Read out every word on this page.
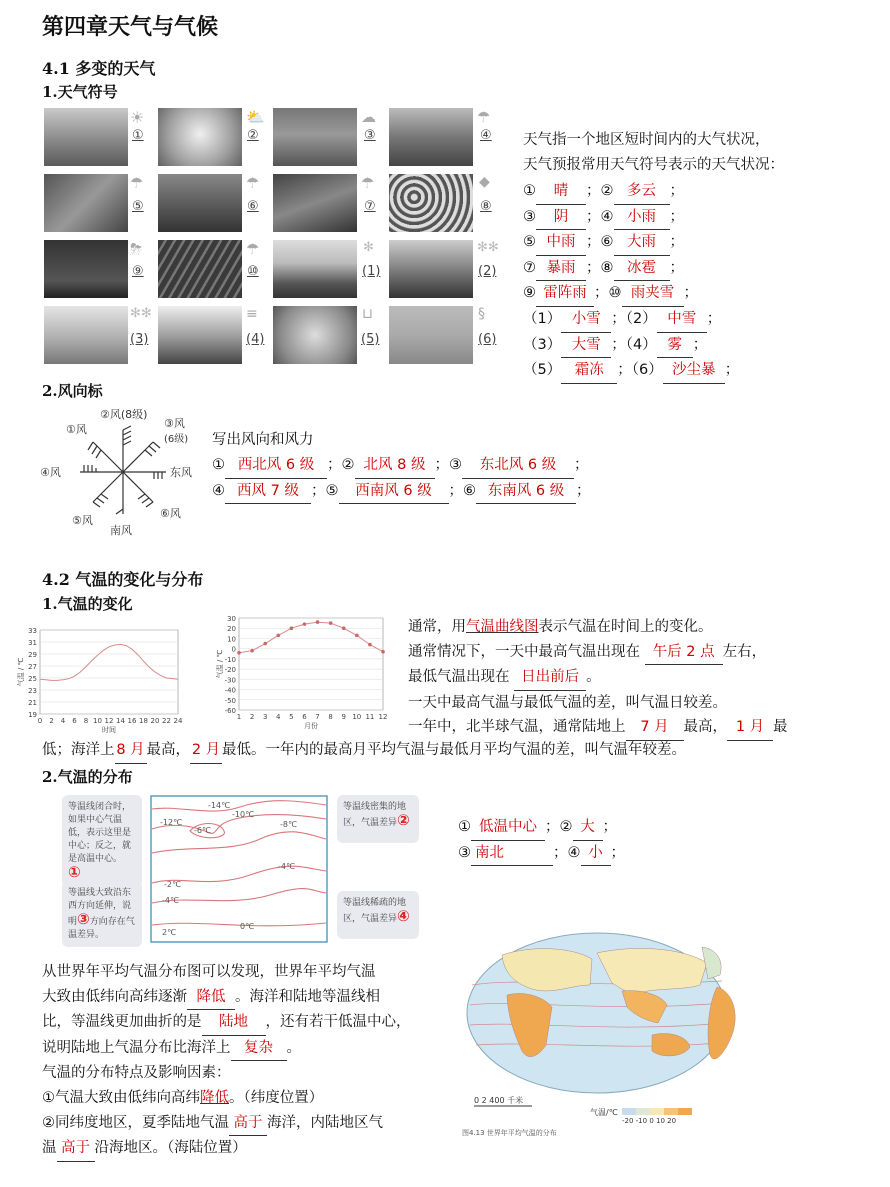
第四章天气与气候
4.1 多变的天气
1.天气符号
☀
①
⛅
②
☁
③
☂
④
☂
⑤
☂
⑥
☂
⑦
◆
⑧
⛈
⑨
☂
⑩
✻
(1)
✻✻
(2)
✻✻
(3)
≡
(4)
⊔
(5)
§
(6)
天气指一个地区短时间内的大气状况，
天气预报常用天气符号表示的天气状况：
① 晴 ；② 多云 ；
③ 阴 ；④ 小雨 ；
⑤ 中雨 ；⑥ 大雨 ；
⑦ 暴雨 ；⑧ 冰雹 ；
⑨ 雷阵雨 ；⑩ 雨夹雪 ；
（1） 小雪 ；（2） 中雪 ；
（3） 大雪 ；（4） 雾 ；
（5） 霜冻 ；（6） 沙尘暴 ；
2.风向标
①风
②风(8级)
③风
(6级)
④风	东风
⑤风
南风
⑥风
写出风向和风力
① 西北风 6 级 ；② 北风 8 级 ；③ 东北风 6 级 ；
④ 西风 7 级 ；⑤ 西南风 6 级 ；⑥ 东南风 6 级 ；
4.2 气温的变化与分布
1.气温的变化
19
21
23
25
27
29
31
33
0 2 4 6 8 10 12 14 16 18 20 22 24
时间
气温 / ℃
30
20
10
0
-10
-20
-30
-40
-50
-60
1 2 3 4 5 6 7 8 9 10 11 12
月份
气温 / ℃
通常，用气温曲线图表示气温在时间上的变化。
通常情况下，一天中最高气温出现在 午后 2 点 左右，
最低气温出现在 日出前后 。
一天中最高气温与最低气温的差，叫气温日较差。
一年中，北半球气温，通常陆地上 7 月 最高， 1 月 最
低；海洋上 8 月 最高， 2 月 最低。一年内的最高月平均气温与最低月平均气温的差，叫气温年较差。
2.气温的分布
等温线闭合时，如果中心气温低，表示这里是中心；反之，就是高温中心。
①
等温线大致沿东西方向延伸，说明③方向存在气温差异。
-14℃
-10℃
-12℃	-8℃
-6℃
-4℃
-4℃
-2℃
2℃
0℃
等温线密集的地区，气温差异②
等温线稀疏的地区，气温差异④
① 低温中心 ；② 大 ；
③ 南北	；④ 小 ；
从世界年平均气温分布图可以发现，世界年平均气温
大致由低纬向高纬逐渐 降低 。海洋和陆地等温线相
比，等温线更加曲折的是 陆地 ，还有若干低温中心，
说明陆地上气温分布比海洋上 复杂 。
气温的分布特点及影响因素：
①气温大致由低纬向高纬降低。（纬度位置）
②同纬度地区，夏季陆地气温 高于 海洋，内陆地区气
温 高于 沿海地区。（海陆位置）
0 2 400 千米
气温/℃
-20 -10 0 10 20
图4.13 世界年平均气温的分布
